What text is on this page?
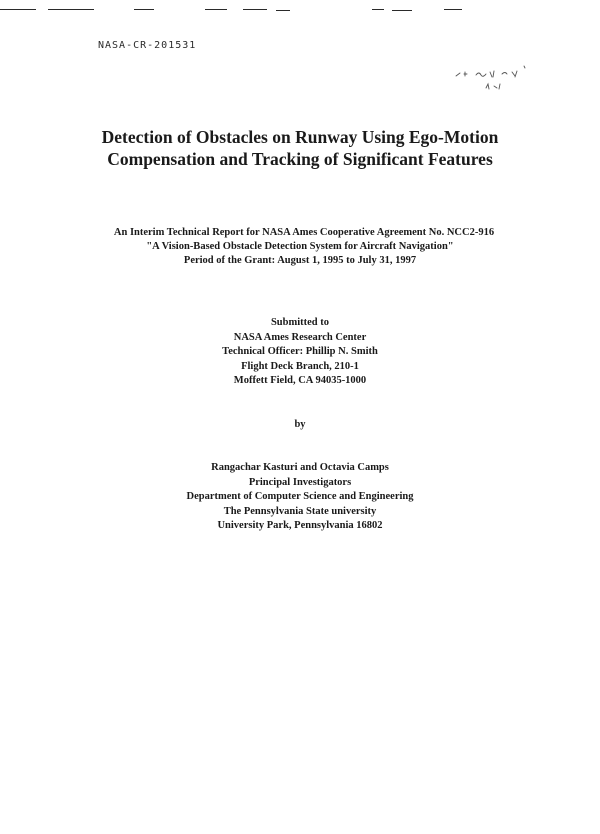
NASA-CR-201531

Detection of Obstacles on Runway Using Ego-Motion
Compensation and Tracking of Significant Features
An Interim Technical Report for NASA Ames Cooperative Agreement No. NCC2-916
"A Vision-Based Obstacle Detection System for Aircraft Navigation"
Period of the Grant: August 1, 1995 to July 31, 1997
Submitted to
NASA Ames Research Center
Technical Officer: Phillip N. Smith
Flight Deck Branch, 210-1
Moffett Field, CA 94035-1000

by

Rangachar Kasturi and Octavia Camps
Principal Investigators
Department of Computer Science and Engineering
The Pennsylvania State university
University Park, Pennsylvania 16802
